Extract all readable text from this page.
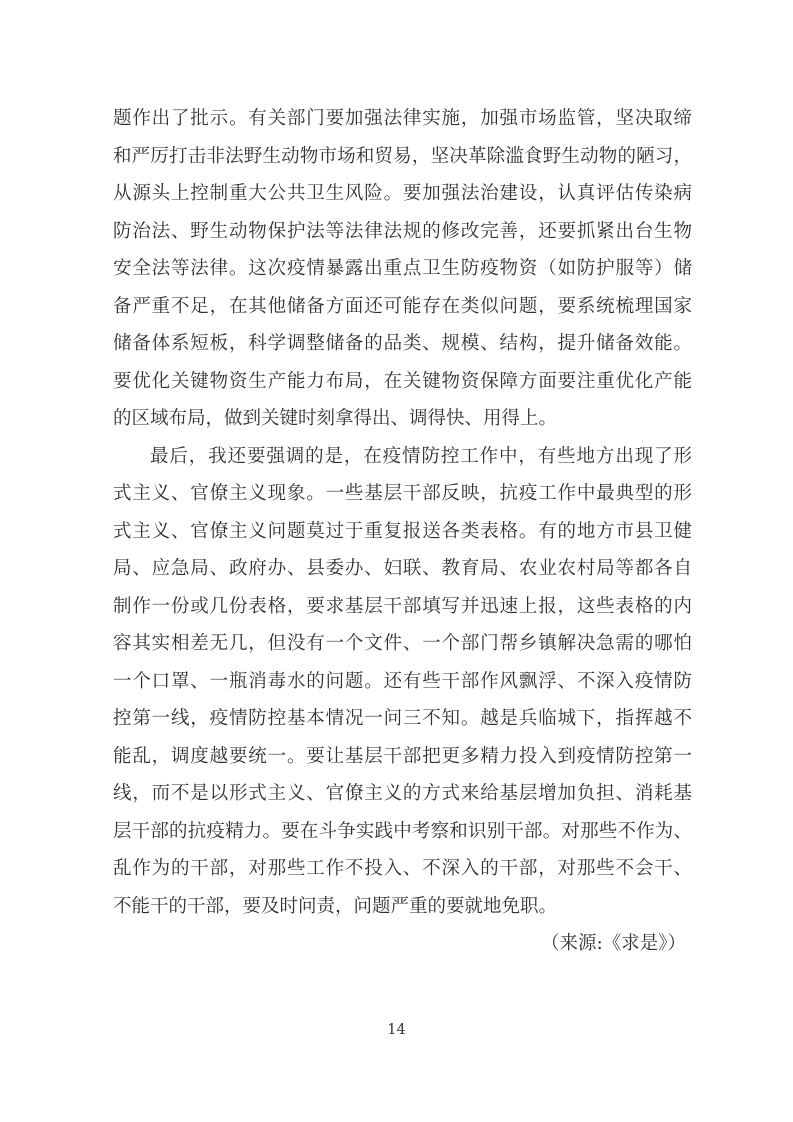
题作出了批示。有关部门要加强法律实施，加强市场监管，坚决取缔
和严厉打击非法野生动物市场和贸易，坚决革除滥食野生动物的陋习，
从源头上控制重大公共卫生风险。要加强法治建设，认真评估传染病
防治法、野生动物保护法等法律法规的修改完善，还要抓紧出台生物
安全法等法律。这次疫情暴露出重点卫生防疫物资（如防护服等）储
备严重不足，在其他储备方面还可能存在类似问题，要系统梳理国家
储备体系短板，科学调整储备的品类、规模、结构，提升储备效能。
要优化关键物资生产能力布局，在关键物资保障方面要注重优化产能
的区域布局，做到关键时刻拿得出、调得快、用得上。
最后，我还要强调的是，在疫情防控工作中，有些地方出现了形
式主义、官僚主义现象。一些基层干部反映，抗疫工作中最典型的形
式主义、官僚主义问题莫过于重复报送各类表格。有的地方市县卫健
局、应急局、政府办、县委办、妇联、教育局、农业农村局等都各自
制作一份或几份表格，要求基层干部填写并迅速上报，这些表格的内
容其实相差无几，但没有一个文件、一个部门帮乡镇解决急需的哪怕
一个口罩、一瓶消毒水的问题。还有些干部作风飘浮、不深入疫情防
控第一线，疫情防控基本情况一问三不知。越是兵临城下，指挥越不
能乱，调度越要统一。要让基层干部把更多精力投入到疫情防控第一
线，而不是以形式主义、官僚主义的方式来给基层增加负担、消耗基
层干部的抗疫精力。要在斗争实践中考察和识别干部。对那些不作为、
乱作为的干部，对那些工作不投入、不深入的干部，对那些不会干、
不能干的干部，要及时问责，问题严重的要就地免职。
（来源:《求是》）
14
